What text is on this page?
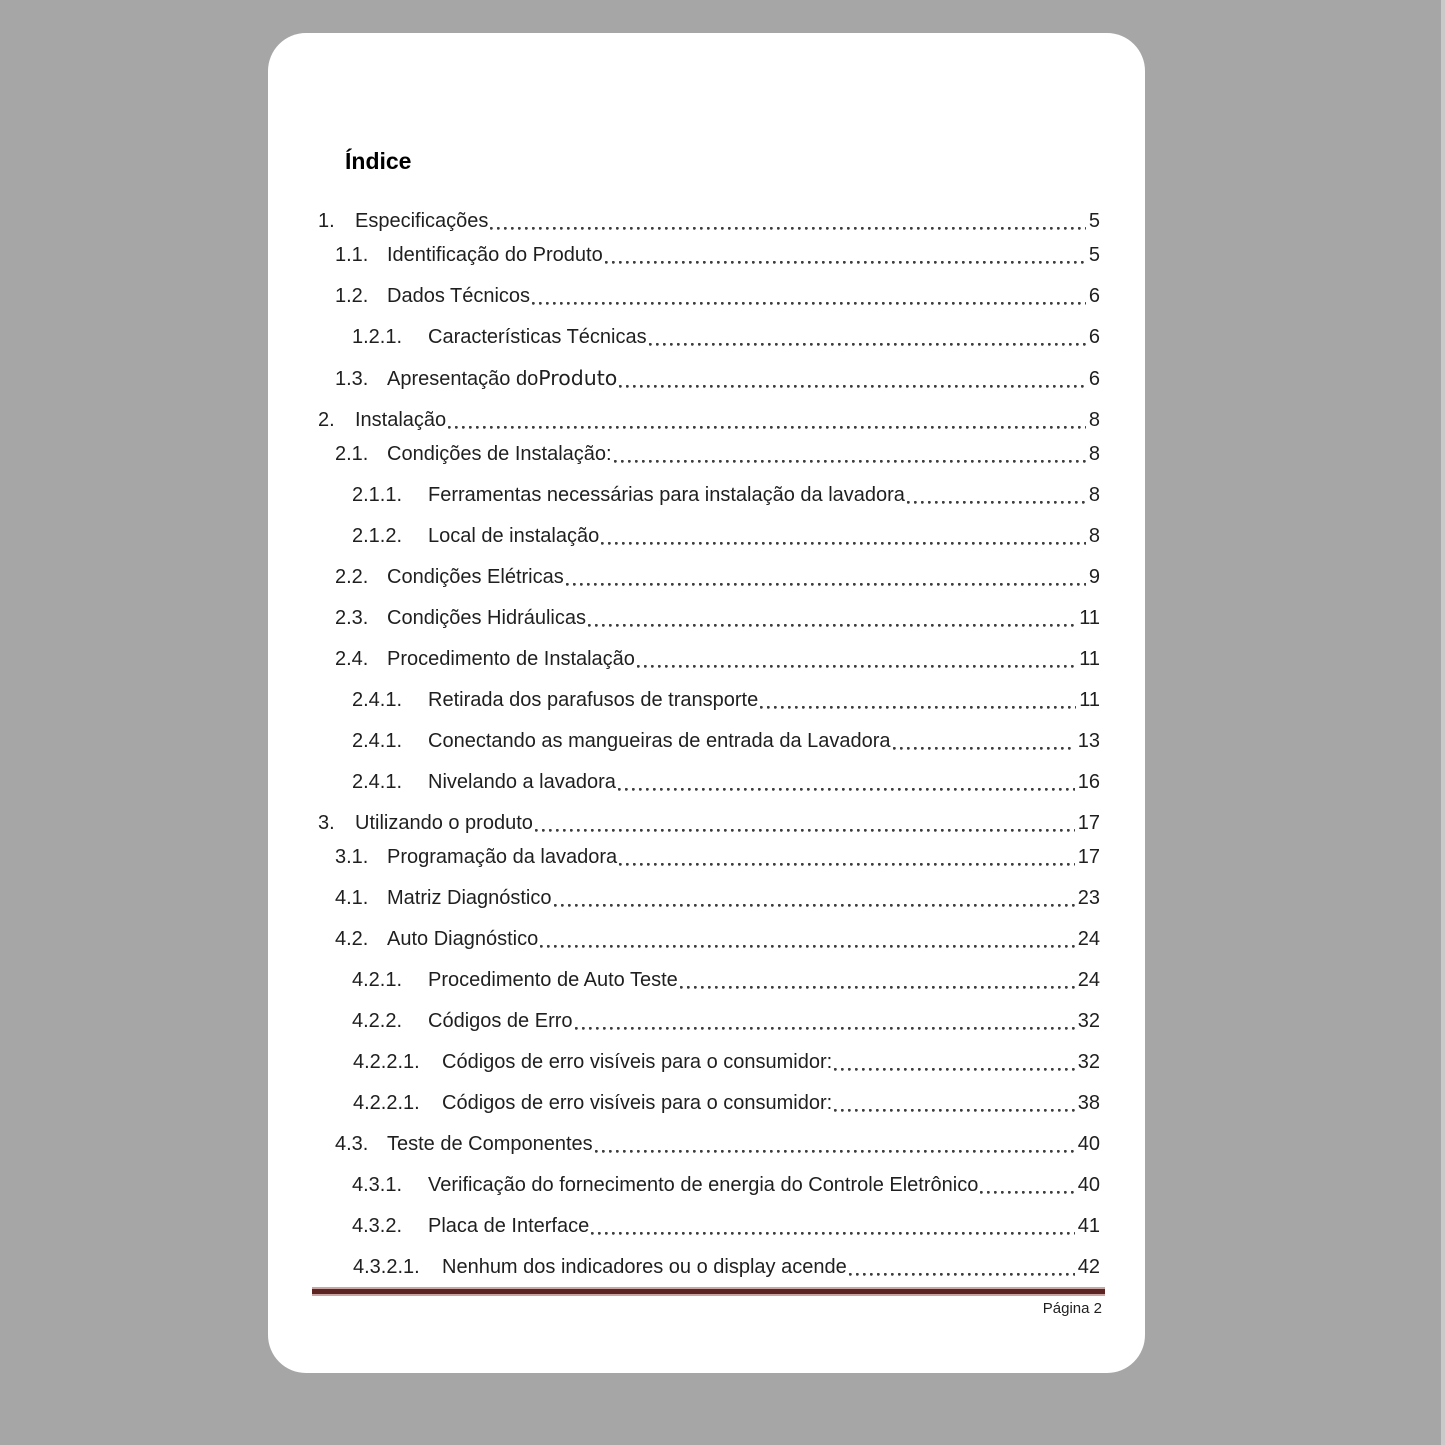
Índice
1.	Especificações	5
1.1. Identificação do Produto	5
1.2. Dados Técnicos	6
1.2.1.	Características Técnicas	6
1.3. Apresentação do Produto	6
2.	Instalação	8
2.1. Condições de Instalação:	8
2.1.1.	Ferramentas necessárias para instalação da lavadora	8
2.1.2.	Local de instalação	8
2.2. Condições Elétricas	9
2.3. Condições Hidráulicas	11
2.4. Procedimento de Instalação	11
2.4.1.	Retirada dos parafusos de transporte	11
2.4.1.	Conectando as mangueiras de entrada da Lavadora	13
2.4.1.	Nivelando a lavadora	16
3.	Utilizando o produto	17
3.1. Programação da lavadora	17
4.1. Matriz Diagnóstico	23
4.2. Auto Diagnóstico	24
4.2.1.	Procedimento de Auto Teste	24
4.2.2.	Códigos de Erro	32
4.2.2.1.	Códigos de erro visíveis para o consumidor:	32
4.2.2.1.	Códigos de erro visíveis para o consumidor:	38
4.3. Teste de Componentes	40
4.3.1.	Verificação do fornecimento de energia do Controle Eletrônico	40
4.3.2.	Placa de Interface	41
4.3.2.1.	Nenhum dos indicadores ou o display acende	42
Página 2
